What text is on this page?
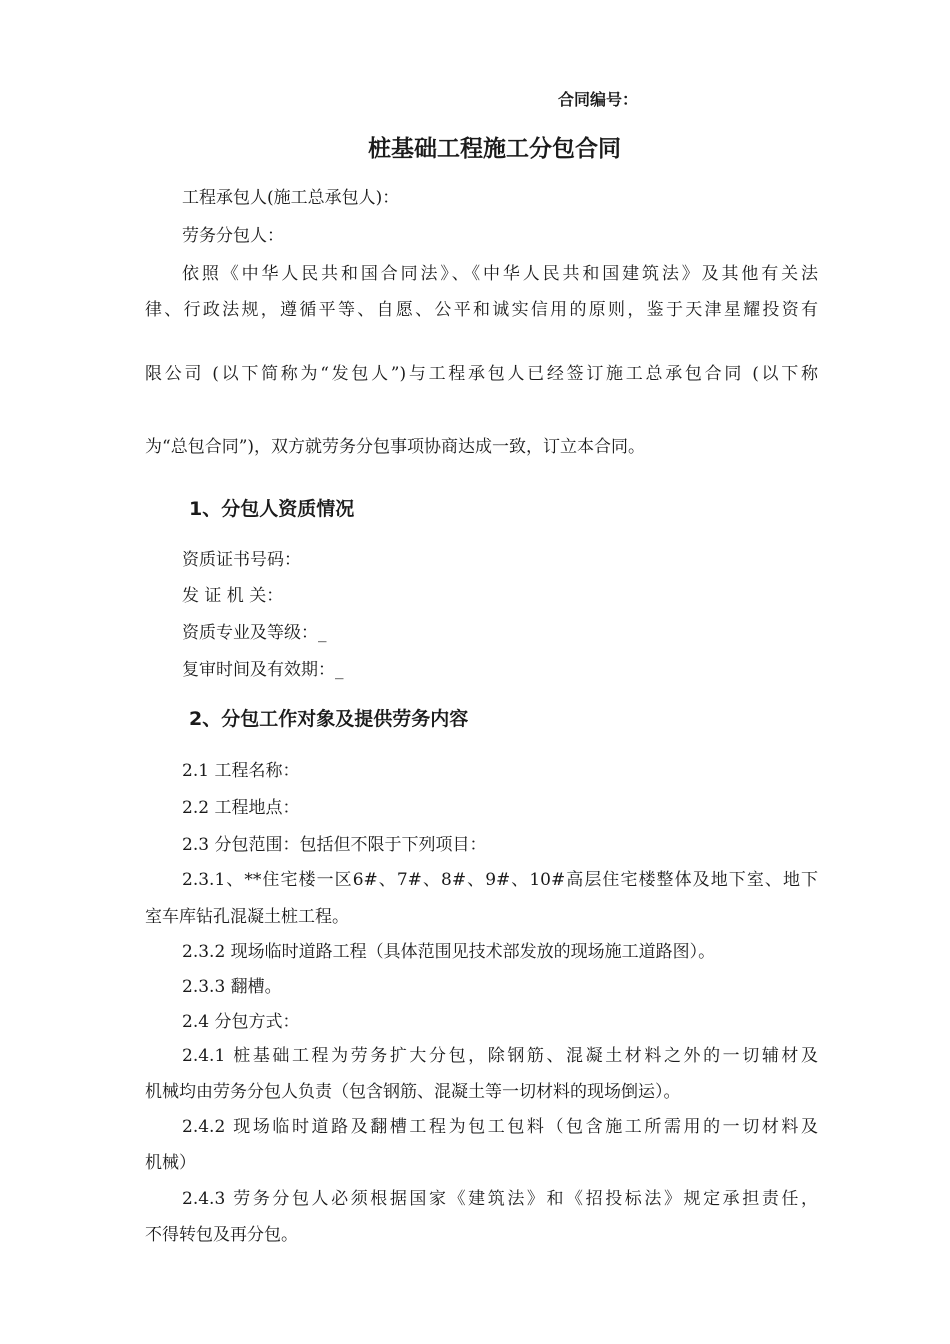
合同编号：
桩基础工程施工分包合同
工程承包人(施工总承包人)：
劳务分包人：
依照《中华人民共和国合同法》、《中华人民共和国建筑法》及其他有关法
律、行政法规，遵循平等、自愿、公平和诚实信用的原则，鉴于天津星耀投资有
限公司 (以下简称为“发包人”)与工程承包人已经签订施工总承包合同 (以下称
为“总包合同”)，双方就劳务分包事项协商达成一致，订立本合同。
1、分包人资质情况
资质证书号码：
发 证 机 关：
资质专业及等级：_
复审时间及有效期：_
2、分包工作对象及提供劳务内容
2.1 工程名称：
2.2 工程地点：
2.3 分包范围：包括但不限于下列项目：
2.3.1、**住宅楼一区6#、7#、8#、9#、10#高层住宅楼整体及地下室、地下
室车库钻孔混凝土桩工程。
2.3.2 现场临时道路工程（具体范围见技术部发放的现场施工道路图）。
2.3.3 翻槽。
2.4 分包方式：
2.4.1 桩基础工程为劳务扩大分包，除钢筋、混凝土材料之外的一切辅材及
机械均由劳务分包人负责（包含钢筋、混凝土等一切材料的现场倒运）。
2.4.2 现场临时道路及翻槽工程为包工包料（包含施工所需用的一切材料及
机械）
2.4.3 劳务分包人必须根据国家《建筑法》和《招投标法》规定承担责任，
不得转包及再分包。
